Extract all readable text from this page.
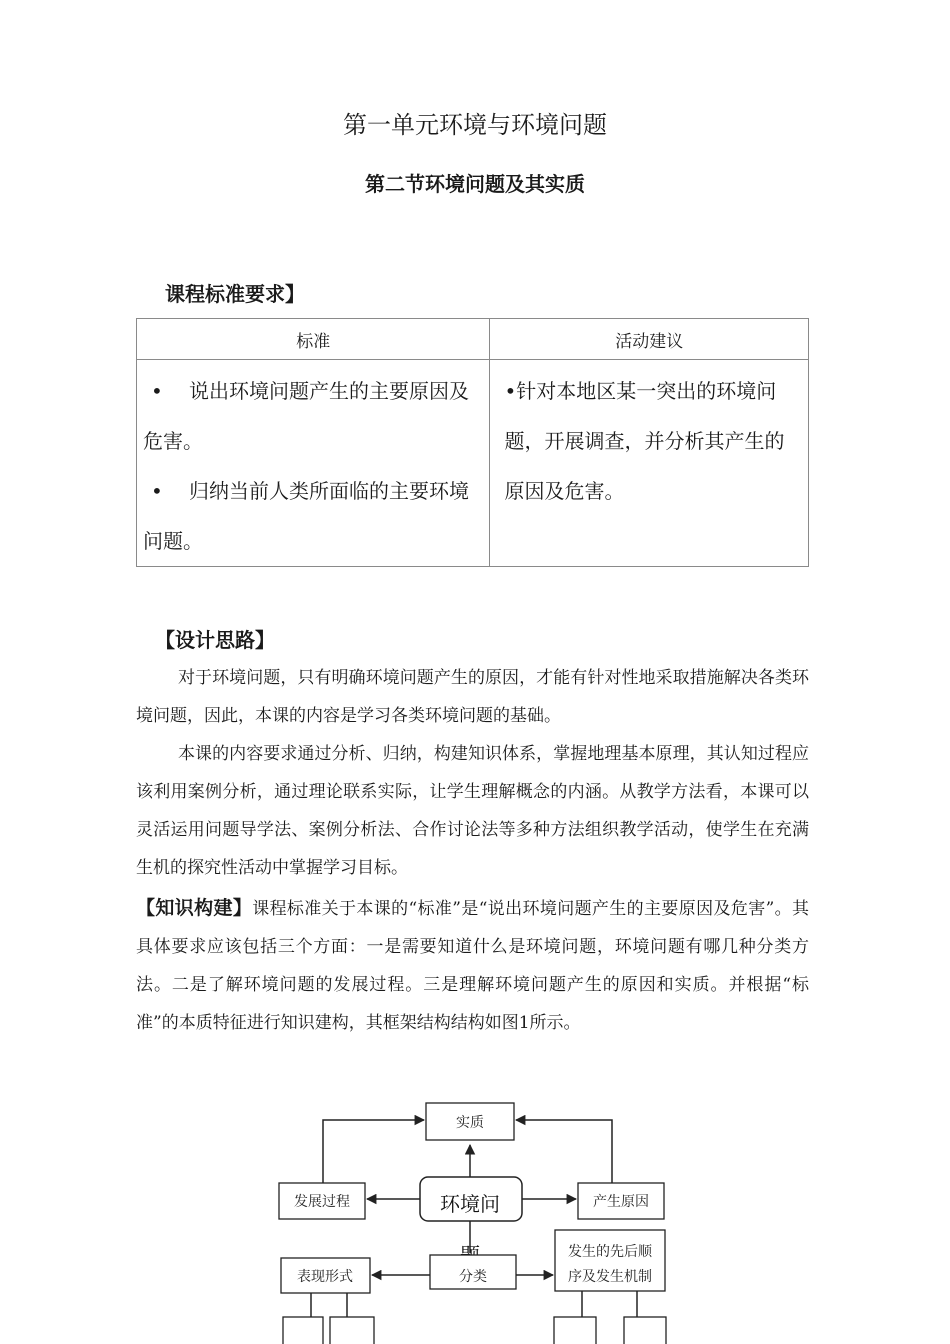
第一单元环境与环境问题
第二节环境问题及其实质
课程标准要求】
标准	活动建议

• 说出环境问题产生的主要原因及危害。

• 归纳当前人类所面临的主要环境问题。	•针对本地区某一突出的环境问题，开展调查，并分析其产生的原因及危害。
【设计思路】

对于环境问题，只有明确环境问题产生的原因，才能有针对性地采取措施解决各类环境问题，因此，本课的内容是学习各类环境问题的基础。

本课的内容要求通过分析、归纳，构建知识体系，掌握地理基本原理，其认知过程应该利用案例分析，通过理论联系实际，让学生理解概念的内涵。从教学方法看，本课可以灵活运用问题导学法、案例分析法、合作讨论法等多种方法组织教学活动，使学生在充满生机的探究性活动中掌握学习目标。

【知识构建】课程标准关于本课的“标准”是“说出环境问题产生的主要原因及危害”。其具体要求应该包括三个方面：一是需要知道什么是环境问题，环境问题有哪几种分类方法。二是了解环境问题的发展过程。三是理解环境问题产生的原因和实质。并根据“标准”的本质特征进行知识建构，其框架结构结构如图1所示。

实质
发展过程	环境问	产生原因
表现形式	分类
发生的先后顺
序及发生机制
